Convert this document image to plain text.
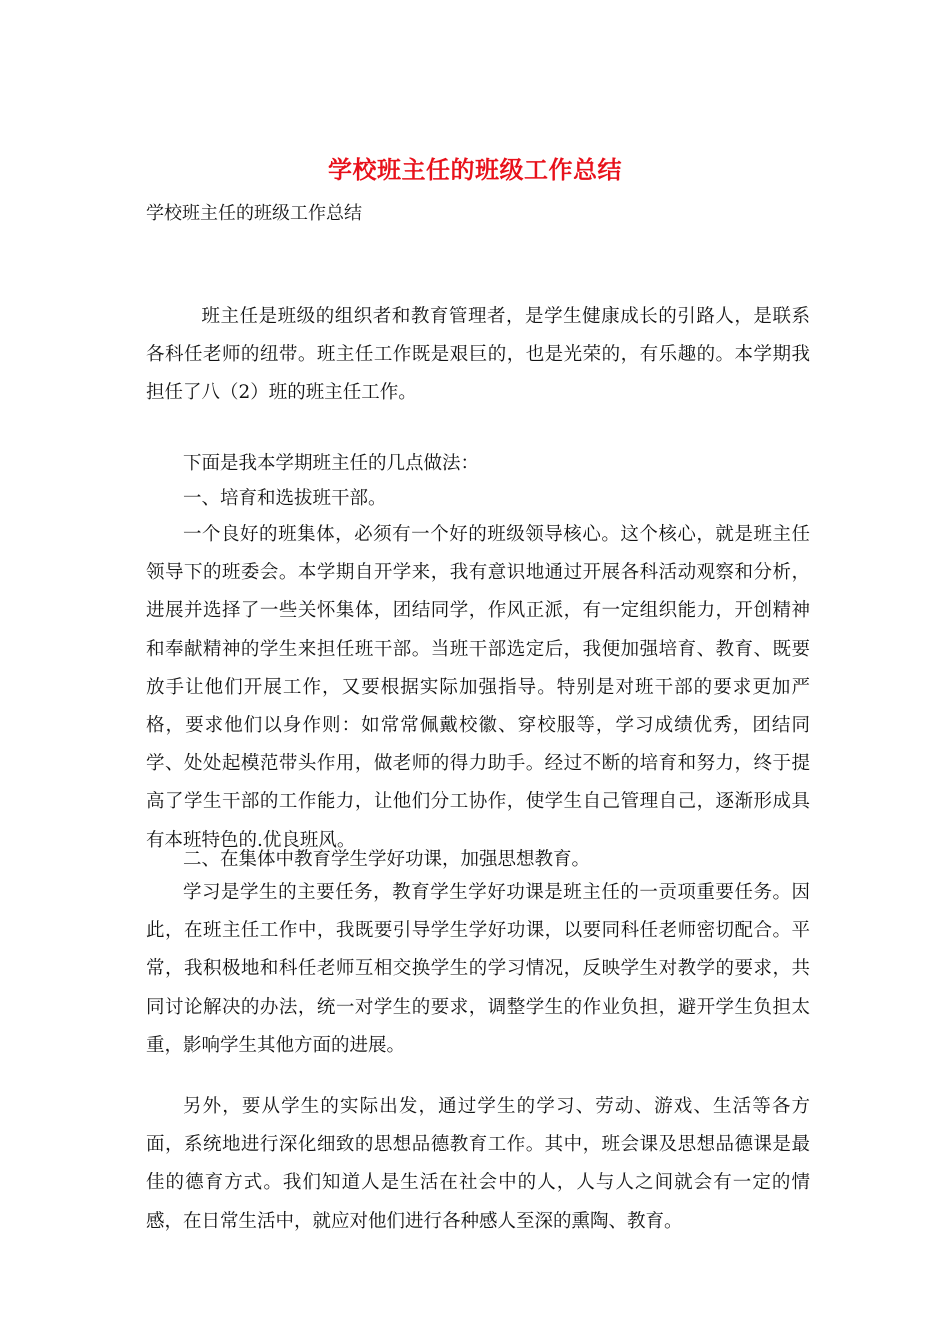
学校班主任的班级工作总结
学校班主任的班级工作总结

班主任是班级的组织者和教育管理者，是学生健康成长的引路人，是联系各科任老师的纽带。班主任工作既是艰巨的，也是光荣的，有乐趣的。本学期我担任了八（2）班的班主任工作。

下面是我本学期班主任的几点做法：

一、培育和选拔班干部。

一个良好的班集体，必须有一个好的班级领导核心。这个核心，就是班主任领导下的班委会。本学期自开学来，我有意识地通过开展各科活动观察和分析，进展并选择了一些关怀集体，团结同学，作风正派，有一定组织能力，开创精神和奉献精神的学生来担任班干部。当班干部选定后，我便加强培育、教育、既要放手让他们开展工作，又要根据实际加强指导。特别是对班干部的要求更加严格，要求他们以身作则：如常常佩戴校徽、穿校服等，学习成绩优秀，团结同学、处处起模范带头作用，做老师的得力助手。经过不断的培育和努力，终于提高了学生干部的工作能力，让他们分工协作，使学生自己管理自己，逐渐形成具有本班特色的.优良班风。

二、在集体中教育学生学好功课，加强思想教育。

学习是学生的主要任务，教育学生学好功课是班主任的一贡项重要任务。因此，在班主任工作中，我既要引导学生学好功课，以要同科任老师密切配合。平常，我积极地和科任老师互相交换学生的学习情况，反映学生对教学的要求，共同讨论解决的办法，统一对学生的要求，调整学生的作业负担，避开学生负担太重，影响学生其他方面的进展。

另外，要从学生的实际出发，通过学生的学习、劳动、游戏、生活等各方面，系统地进行深化细致的思想品德教育工作。其中，班会课及思想品德课是最佳的德育方式。我们知道人是生活在社会中的人，人与人之间就会有一定的情感，在日常生活中，就应对他们进行各种感人至深的熏陶、教育。
